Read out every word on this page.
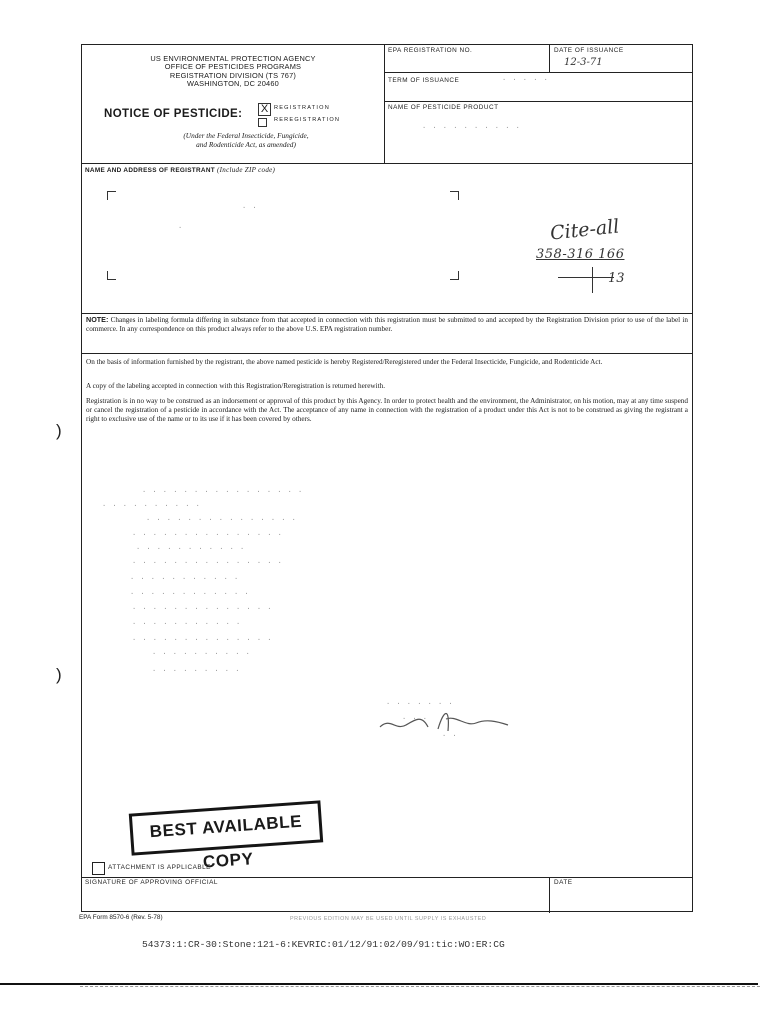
US ENVIRONMENTAL PROTECTION AGENCY
OFFICE OF PESTICIDES PROGRAMS
REGISTRATION DIVISION (TS 767)
WASHINGTON, DC 20460
NOTICE OF PESTICIDE: X	REGISTRATION
REREGISTRATION
(Under the Federal Insecticide, Fungicide,
and Rodenticide Act, as amended)
EPA REGISTRATION NO.	DATE OF ISSUANCE
12-3-71
TERM OF ISSUANCE	. . . . .
NAME OF PESTICIDE PRODUCT
. . . . . . . . . .
NAME AND ADDRESS OF REGISTRANT (Include ZIP code)
. .
.	Cite-all
358-316 166
13
NOTE: Changes in labeling formula differing in substance from that accepted in connection with this registration must be submitted to and accepted by the Registration Division prior to use of the label in commerce. In any correspondence on this product always refer to the above U.S. EPA registration number.
On the basis of information furnished by the registrant, the above named pesticide is hereby Registered/Reregistered under the Federal Insecticide, Fungicide, and Rodenticide Act.
A copy of the labeling accepted in connection with this Registration/Reregistration is returned herewith.
Registration is in no way to be construed as an indorsement or approval of this product by this Agency. In order to protect health and the environment, the Administrator, on his motion, may at any time suspend or cancel the registration of a pesticide in accordance with the Act. The acceptance of any name in connection with the registration of a product under this Act is not to be construed as giving the registrant a right to exclusive use of the name or to its use if it has been covered by others.
. . . . . . . . . . . . . . . .
. . . . . . . . . .
. . . . . . . . . . . . . . .
. . . . . . . . . . . . . . .
. . . . . . . . . . .
. . . . . . . . . . . . . . .
. . . . . . . . . . .
. . . . . . . . . . . .
. . . . . . . . . . . . . .
. . . . . . . . . . .
. . . . . . . . . . . . . .
. . . . . . . . . .
. . . . . . . . .
. . . . . . .
. . .
. .
BEST AVAILABLE COPY
ATTACHMENT IS APPLICABLE
SIGNATURE OF APPROVING OFFICIAL	DATE
EPA Form 8570-6 (Rev. 5-78)	PREVIOUS EDITION MAY BE USED UNTIL SUPPLY IS EXHAUSTED
54373:1:CR-30:Stone:121-6:KEVRIC:01/12/91:02/09/91:tic:WO:ER:CG
)
)
